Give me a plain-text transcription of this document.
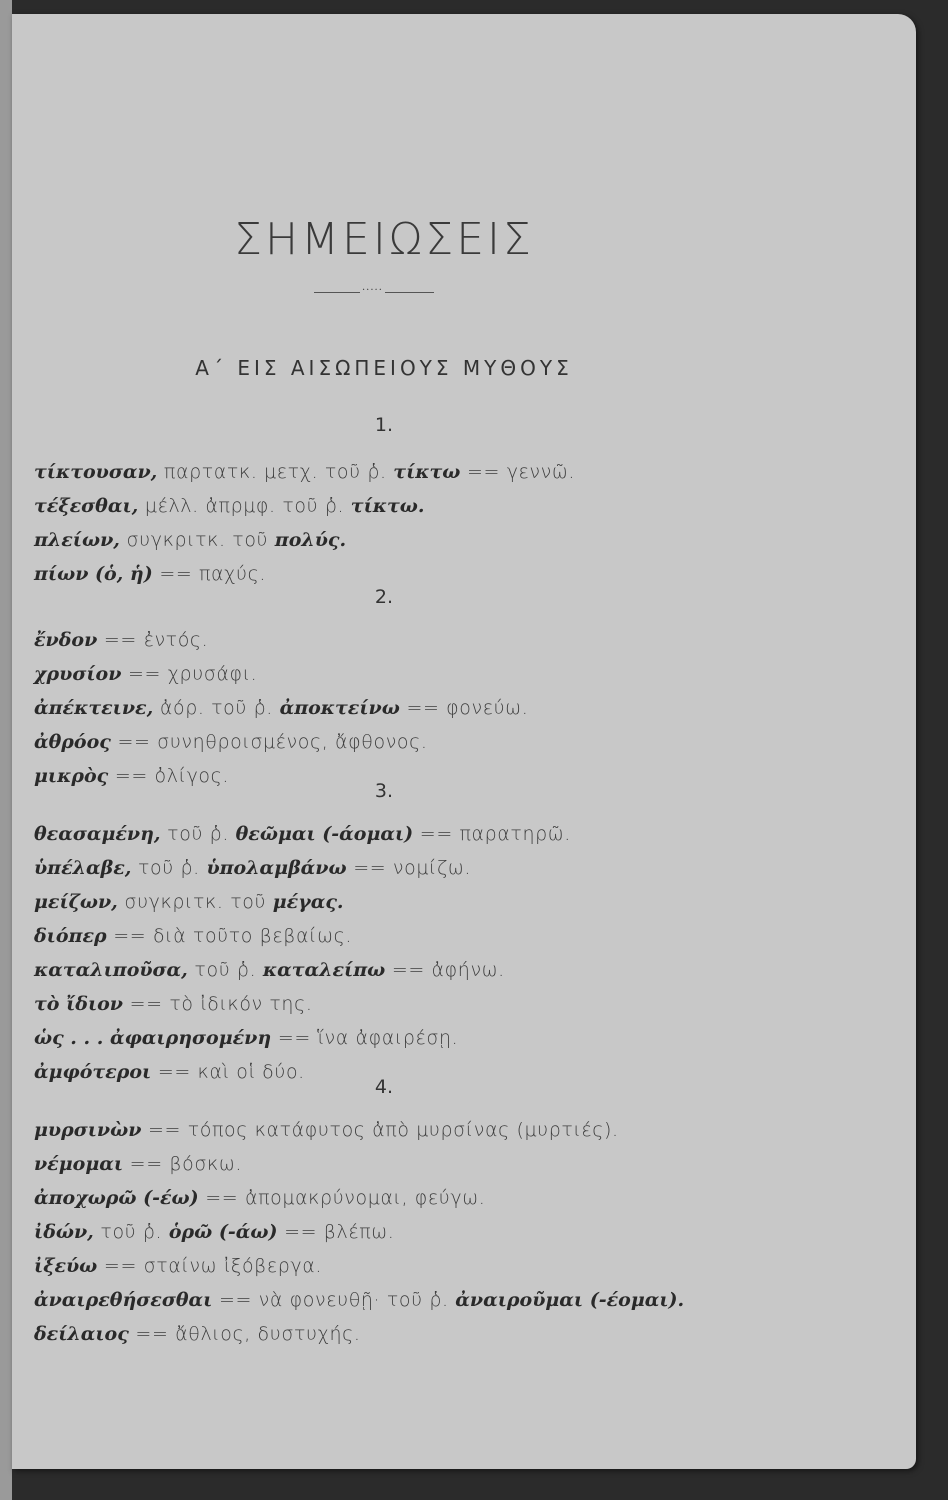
ΣΗΜΕΙΩΣΕΙΣ
·····
Α΄ ΕΙΣ ΑΙΣΩΠΕΙΟΥΣ ΜΥΘΟΥΣ
1.
τίκτουσαν, παρτατκ. μετχ. τοῦ ῥ. τίκτω == γεννῶ.
τέξεσθαι, μέλλ. ἀπρμφ. τοῦ ῥ. τίκτω.
πλείων, συγκριτκ. τοῦ πολύς.
πίων (ὁ, ἡ) == παχύς.
2.
ἔνδον == ἐντός.
χρυσίον == χρυσάφι.
ἀπέκτεινε, ἀόρ. τοῦ ῥ. ἀποκτείνω == φονεύω.
ἀθρόος == συνηθροισμένος, ἄφθονος.
μικρὸς == ὀλίγος.
3.
θεασαμένη, τοῦ ῥ. θεῶμαι (-άομαι) == παρατηρῶ.
ὑπέλαβε, τοῦ ῥ. ὑπολαμβάνω == νομίζω.
μείζων, συγκριτκ. τοῦ μέγας.
διόπερ == διὰ τοῦτο βεβαίως.
καταλιποῦσα, τοῦ ῥ. καταλείπω == ἀφήνω.
τὸ ἴδιον == τὸ ἰδικόν της.
ὡς . . . ἀφαιρησομένη == ἵνα ἀφαιρέσῃ.
ἀμφότεροι == καὶ οἱ δύο.
4.
μυρσινὼν == τόπος κατάφυτος ἀπὸ μυρσίνας (μυρτιές).
νέμομαι == βόσκω.
ἀποχωρῶ (-έω) == ἀπομακρύνομαι, φεύγω.
ἰδών, τοῦ ῥ. ὁρῶ (-άω) == βλέπω.
ἰξεύω == σταίνω ἰξόβεργα.
ἀναιρεθήσεσθαι == νὰ φονευθῇ· τοῦ ῥ. ἀναιροῦμαι (-έομαι).
δείλαιος == ἄθλιος, δυστυχής.
